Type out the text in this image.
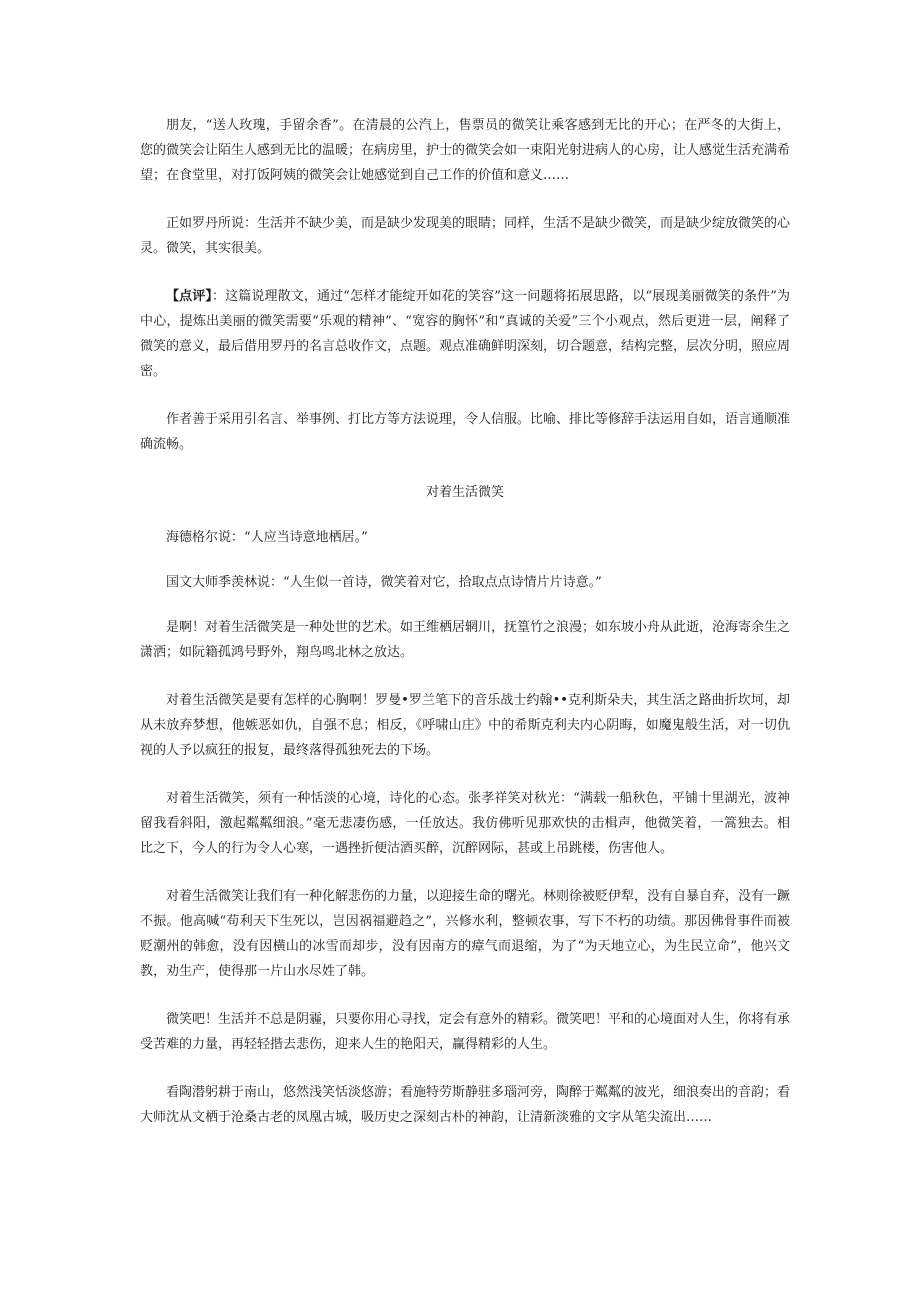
朋友，“送人玫瑰，手留余香”。在清晨的公汽上，售票员的微笑让乘客感到无比的开心；在严冬的大街上，您的微笑会让陌生人感到无比的温暖；在病房里，护士的微笑会如一束阳光射进病人的心房，让人感觉生活充满希望；在食堂里，对打饭阿姨的微笑会让她感觉到自己工作的价值和意义……

正如罗丹所说：生活并不缺少美，而是缺少发现美的眼睛；同样，生活不是缺少微笑，而是缺少绽放微笑的心灵。微笑，其实很美。

【点评】：这篇说理散文，通过“怎样才能绽开如花的笑容”这一问题将拓展思路，以“展现美丽微笑的条件”为中心，提炼出美丽的微笑需要“乐观的精神”、“宽容的胸怀”和“真诚的关爱”三个小观点，然后更进一层，阐释了微笑的意义，最后借用罗丹的名言总收作文，点题。观点准确鲜明深刻，切合题意，结构完整，层次分明，照应周密。

作者善于采用引名言、举事例、打比方等方法说理，令人信服。比喻、排比等修辞手法运用自如，语言通顺准确流畅。

对着生活微笑

海德格尔说：“人应当诗意地栖居。”

国文大师季羡林说：“人生似一首诗，微笑着对它，拾取点点诗情片片诗意。”

是啊！对着生活微笑是一种处世的艺术。如王维栖居辋川，抚篁竹之浪漫；如东坡小舟从此逝，沧海寄余生之潇洒；如阮籍孤鸿号野外，翔鸟鸣北林之放达。

对着生活微笑是要有怎样的心胸啊！罗曼•罗兰笔下的音乐战士约翰••克利斯朵夫，其生活之路曲折坎坷，却从未放弃梦想，他嫉恶如仇，自强不息；相反，《呼啸山庄》中的希斯克利夫内心阴晦，如魔鬼般生活，对一切仇视的人予以疯狂的报复，最终落得孤独死去的下场。

对着生活微笑，须有一种恬淡的心境，诗化的心态。张孝祥笑对秋光：“满载一船秋色，平铺十里湖光，波神留我看斜阳，激起粼粼细浪。”毫无悲凄伤感，一任放达。我仿佛听见那欢快的击楫声，他微笑着，一篙独去。相比之下，今人的行为令人心寒，一遇挫折便沽酒买醉，沉醉网际，甚或上吊跳楼，伤害他人。

对着生活微笑让我们有一种化解悲伤的力量，以迎接生命的曙光。林则徐被贬伊犁，没有自暴自弃，没有一蹶不振。他高喊“苟利天下生死以，岂因祸福避趋之”，兴修水利，整顿农事，写下不朽的功绩。那因佛骨事件而被贬潮州的韩愈，没有因横山的冰雪而却步，没有因南方的瘴气而退缩，为了“为天地立心，为生民立命”，他兴文教，劝生产，使得那一片山水尽姓了韩。

微笑吧！生活并不总是阴霾，只要你用心寻找，定会有意外的精彩。微笑吧！平和的心境面对人生，你将有承受苦难的力量，再轻轻揩去悲伤，迎来人生的艳阳天，赢得精彩的人生。

看陶潜躬耕于南山，悠然浅笑恬淡悠游；看施特劳斯静驻多瑙河旁，陶醉于粼粼的波光，细浪奏出的音韵；看大师沈从文栖于沧桑古老的凤凰古城，吸历史之深刻古朴的神韵，让清新淡雅的文字从笔尖流出……
